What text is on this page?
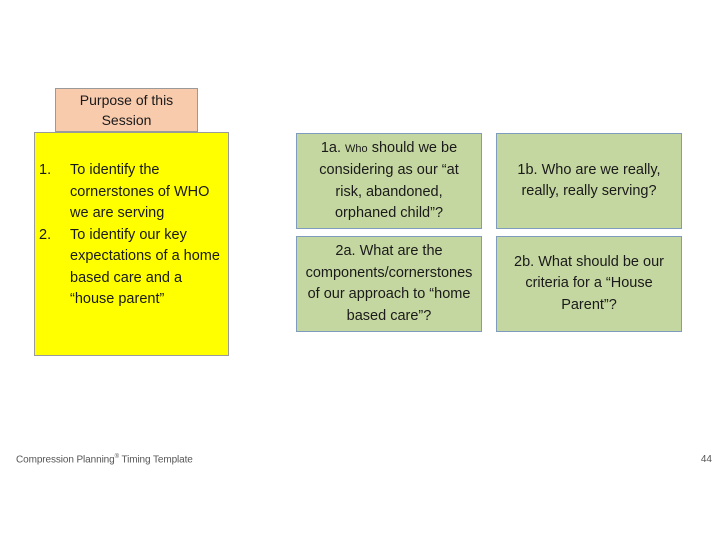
Purpose of this Session
1. To identify the cornerstones of WHO we are serving
2. To identify our key expectations of a home based care and a “house parent”
1a. Who should we be considering as our “at risk, abandoned, orphaned child”?
1b. Who are we really, really, really serving?
2a. What are the components/cornerstones of our approach to “home based care”?
2b. What should be our criteria for a “House Parent”?
Compression Planning® Timing Template	44
